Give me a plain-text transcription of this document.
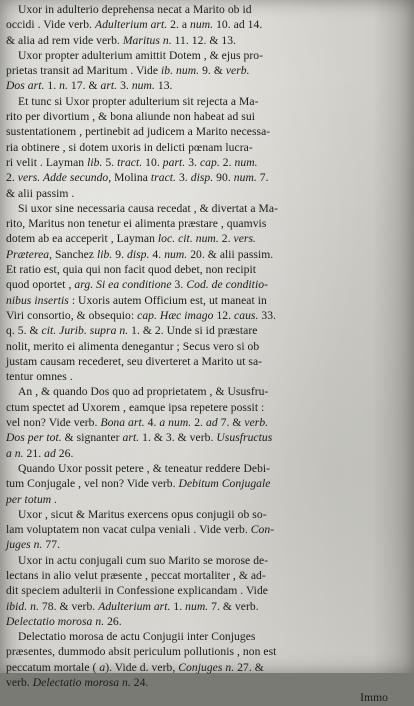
Uxor in adulterio deprehensa necat a Marito ob id
occidi . Vide verb. Adulterium art. 2. a num. 10. ad 14.
& alia ad rem vide verb. Maritus n. 11. 12. & 13.
Uxor propter adulterium amittit Dotem , & ejus pro-
prietas transit ad Maritum . Vide ib. num. 9. & verb.
Dos art. 1. n. 17. & art. 3. num. 13.
Et tunc si Uxor propter adulterium sit rejecta a Ma-
rito per divortium , & bona aliunde non habeat ad sui
sustentationem , pertinebit ad judicem a Marito necessa-
ria obtinere , si dotem uxoris in delicti pœnam lucra-
ri velit . Layman lib. 5. tract. 10. part. 3. cap. 2. num.
2. vers. Adde secundo, Molina tract. 3. disp. 90. num. 7.
& alii passim .
Si uxor sine necessaria causa recedat , & divertat a Ma-
rito, Maritus non tenetur ei alimenta præstare , quamvis
dotem ab ea acceperit , Layman loc. cit. num. 2. vers.
Præterea, Sanchez lib. 9. disp. 4. num. 20. & alii passim.
Et ratio est, quia qui non facit quod debet, non recipit
quod oportet , arg. Si ea conditione 3. Cod. de conditio-
nibus insertis : Uxoris autem Officium est, ut maneat in
Viri consortio, & obsequio: cap. Hæc imago 12. caus. 33.
q. 5. & cit. Jurib. supra n. 1. & 2. Unde si id præstare
nolit, merito ei alimenta denegantur ; Secus vero si ob
justam causam recederet, seu diverteret a Marito ut sa-
tentur omnes .
An , & quando Dos quo ad proprietatem , & Ususfru-
ctum spectet ad Uxorem , eamque ipsa repetere possit :
vel non? Vide verb. Bona art. 4. a num. 2. ad 7. & verb.
Dos per tot. & signanter art. 1. & 3. & verb. Ususfructus
a n. 21. ad 26.
Quando Uxor possit petere , & teneatur reddere Debi-
tum Conjugale , vel non? Vide verb. Debitum Conjugale
per totum .
Uxor , sicut & Maritus exercens opus conjugii ob so-
lam voluptatem non vacat culpa veniali . Vide verb. Con-
juges n. 77.
Uxor in actu conjugali cum suo Marito se morose de-
lectans in alio velut præsente , peccat mortaliter , & ad-
dit speciem adulterii in Confessione explicandam . Vide
ibid. n. 78. & verb. Adulterium art. 1. num. 7. & verb.
Delectatio morosa n. 26.
Delectatio morosa de actu Conjugii inter Conjuges
præsentes, dummodo absit periculum pollutionis , non est
peccatum mortale ( a). Vide d. verb, Conjuges n. 27. &
verb. Delectatio morosa n. 24.
Immo
